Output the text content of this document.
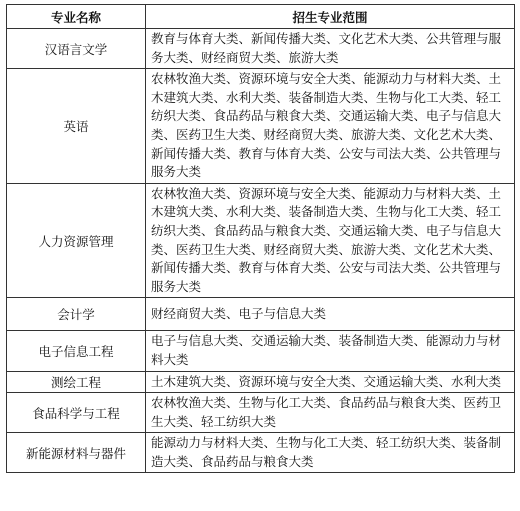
专业名称	招生专业范围
汉语言文学	教育与体育大类、新闻传播大类、文化艺术大类、公共管理与服务大类、财经商贸大类、旅游大类
英语	农林牧渔大类、资源环境与安全大类、能源动力与材料大类、土木建筑大类、水利大类、装备制造大类、生物与化工大类、轻工纺织大类、食品药品与粮食大类、交通运输大类、电子与信息大类、医药卫生大类、财经商贸大类、旅游大类、文化艺术大类、新闻传播大类、教育与体育大类、公安与司法大类、公共管理与服务大类
人力资源管理	农林牧渔大类、资源环境与安全大类、能源动力与材料大类、土木建筑大类、水利大类、装备制造大类、生物与化工大类、轻工纺织大类、食品药品与粮食大类、交通运输大类、电子与信息大类、医药卫生大类、财经商贸大类、旅游大类、文化艺术大类、新闻传播大类、教育与体育大类、公安与司法大类、公共管理与服务大类
会计学	财经商贸大类、电子与信息大类
电子信息工程	电子与信息大类、交通运输大类、装备制造大类、能源动力与材料大类
测绘工程	土木建筑大类、资源环境与安全大类、交通运输大类、水利大类
食品科学与工程	农林牧渔大类、生物与化工大类、食品药品与粮食大类、医药卫生大类、轻工纺织大类
新能源材料与器件	能源动力与材料大类、生物与化工大类、轻工纺织大类、装备制造大类、食品药品与粮食大类
